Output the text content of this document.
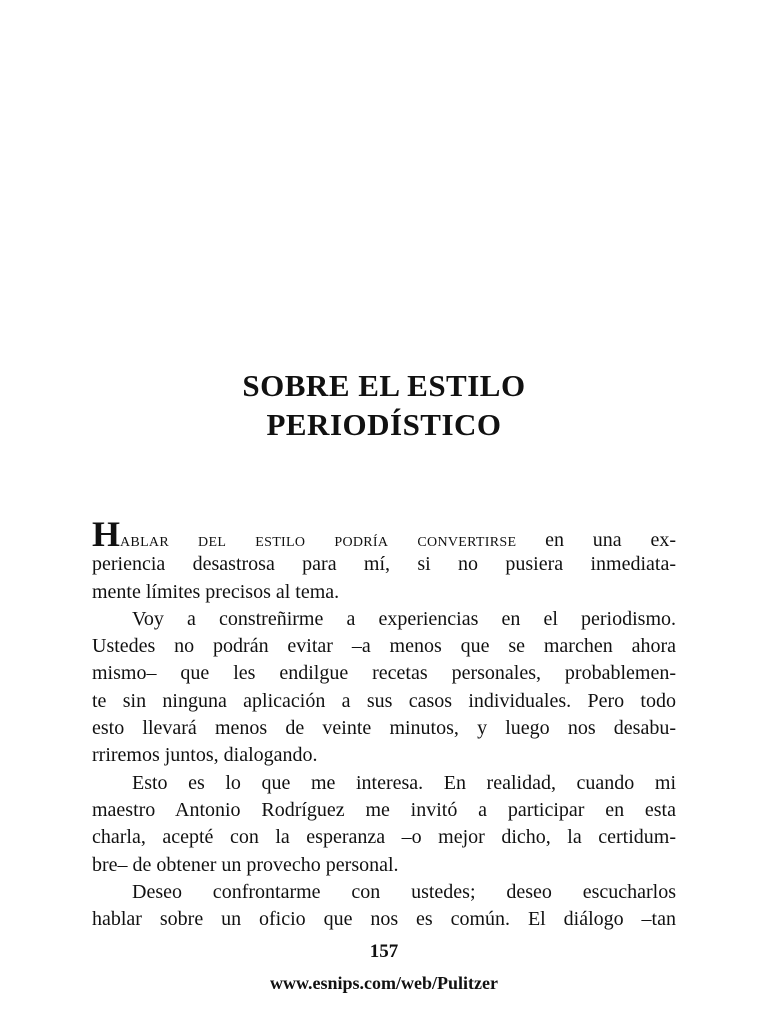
SOBRE EL ESTILO
PERIODÍSTICO
Hablar del estilo podría convertirse en una ex-
periencia desastrosa para mí, si no pusiera inmediata-
mente límites precisos al tema.
Voy a constreñirme a experiencias en el periodismo.
Ustedes no podrán evitar –a menos que se marchen ahora
mismo– que les endilgue recetas personales, probablemen-
te sin ninguna aplicación a sus casos individuales. Pero todo
esto llevará menos de veinte minutos, y luego nos desabu-
rriremos juntos, dialogando.
Esto es lo que me interesa. En realidad, cuando mi
maestro Antonio Rodríguez me invitó a participar en esta
charla, acepté con la esperanza –o mejor dicho, la certidum-
bre– de obtener un provecho personal.
Deseo confrontarme con ustedes; deseo escucharlos
hablar sobre un oficio que nos es común. El diálogo –tan
157
www.esnips.com/web/Pulitzer
